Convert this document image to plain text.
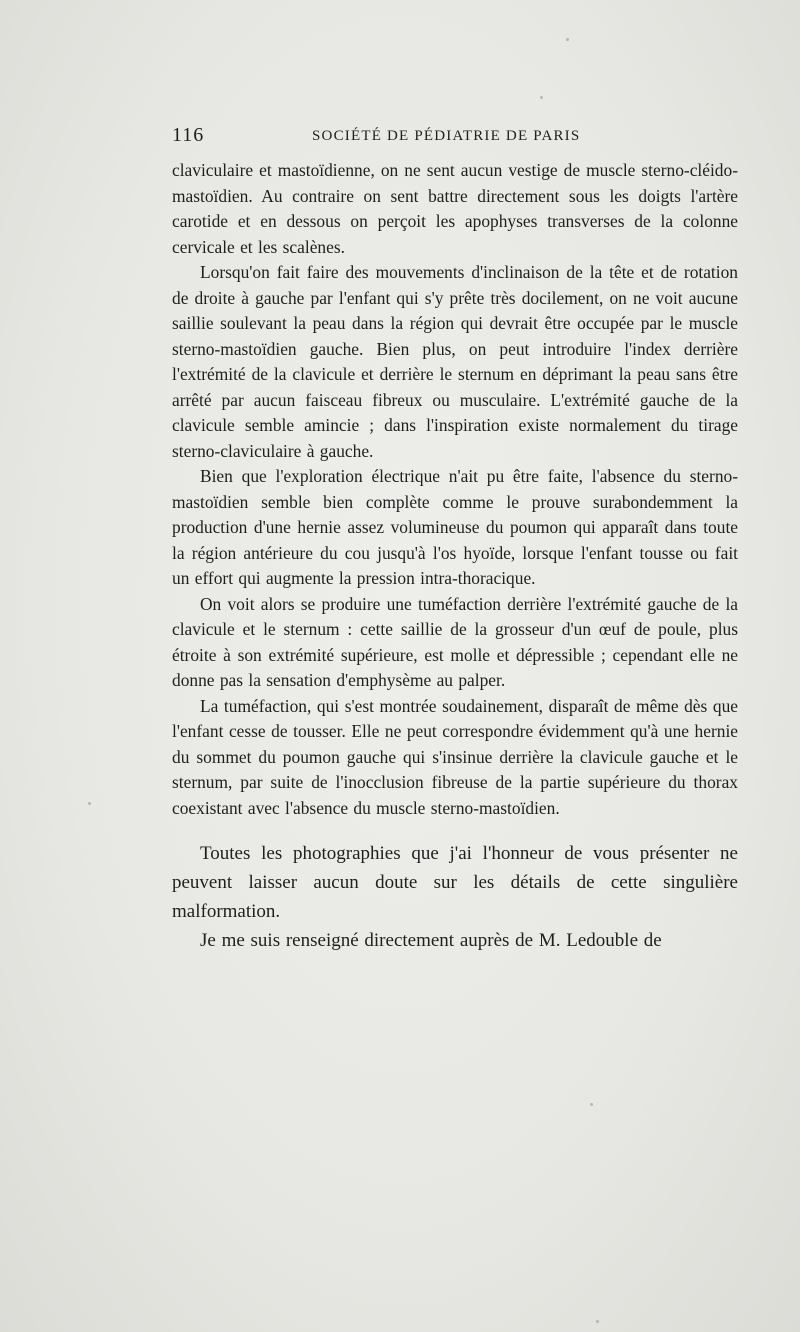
116	SOCIÉTÉ DE PÉDIATRIE DE PARIS

claviculaire et mastoïdienne, on ne sent aucun vestige de muscle sterno-cléido-mastoïdien. Au contraire on sent battre directement sous les doigts l'artère carotide et en dessous on perçoit les apophyses transverses de la colonne cervicale et les scalènes.

Lorsqu'on fait faire des mouvements d'inclinaison de la tête et de rotation de droite à gauche par l'enfant qui s'y prête très docilement, on ne voit aucune saillie soulevant la peau dans la région qui devrait être occupée par le muscle sterno-mastoïdien gauche. Bien plus, on peut introduire l'index derrière l'extrémité de la clavicule et derrière le sternum en déprimant la peau sans être arrêté par aucun faisceau fibreux ou musculaire. L'extrémité gauche de la clavicule semble amincie ; dans l'inspiration existe normalement du tirage sterno-claviculaire à gauche.

Bien que l'exploration électrique n'ait pu être faite, l'absence du sterno-mastoïdien semble bien complète comme le prouve surabondemment la production d'une hernie assez volumineuse du poumon qui apparaît dans toute la région antérieure du cou jusqu'à l'os hyoïde, lorsque l'enfant tousse ou fait un effort qui augmente la pression intra-thoracique.

On voit alors se produire une tuméfaction derrière l'extrémité gauche de la clavicule et le sternum : cette saillie de la grosseur d'un œuf de poule, plus étroite à son extrémité supérieure, est molle et dépressible ; cependant elle ne donne pas la sensation d'emphysème au palper.

La tuméfaction, qui s'est montrée soudainement, disparaît de même dès que l'enfant cesse de tousser. Elle ne peut correspondre évidemment qu'à une hernie du sommet du poumon gauche qui s'insinue derrière la clavicule gauche et le sternum, par suite de l'inocclusion fibreuse de la partie supérieure du thorax coexistant avec l'absence du muscle sterno-mastoïdien.

Toutes les photographies que j'ai l'honneur de vous présenter ne peuvent laisser aucun doute sur les détails de cette singulière malformation.

Je me suis renseigné directement auprès de M. Ledouble de
